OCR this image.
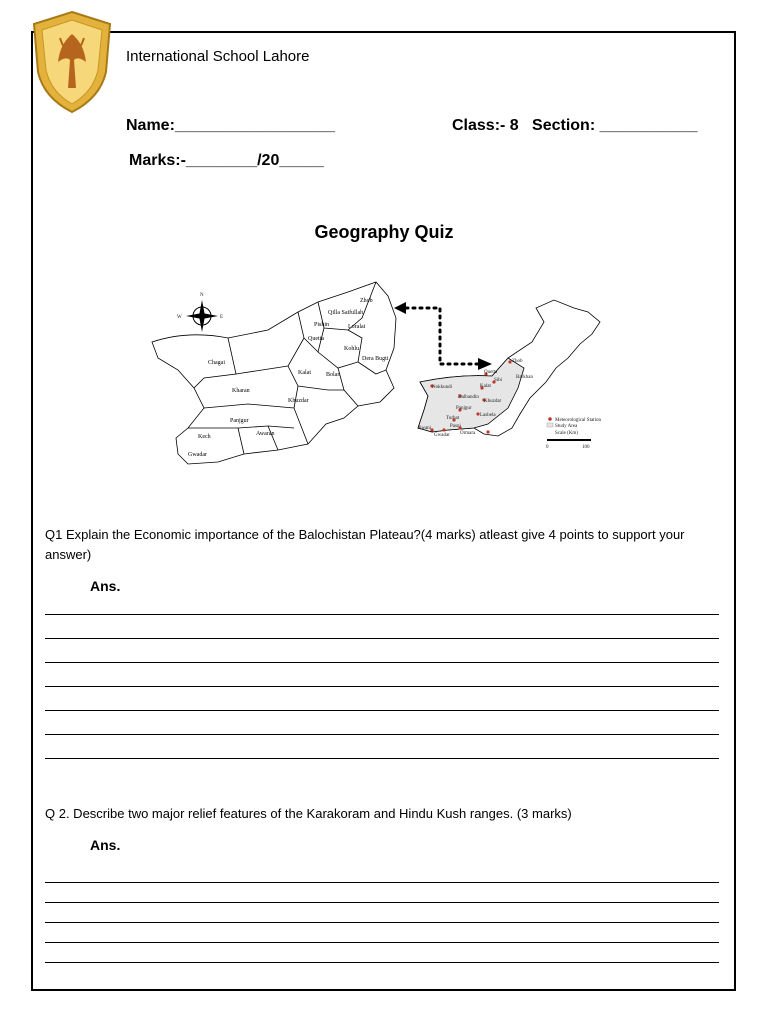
International School Lahore
Name:__________________	Class:- 8   Section: ___________
Marks:-________/20_____
Geography Quiz
N
E
W
Chagai
Kharan
Panjgur
Kech
Gwadar
Awaran
Khuzdar
Zhob
Qilla Saifullah
Loralai
Kohlu
Dera Bugti
Pishin
Quetta
Kalat	Bolan
Zhob
Quetta
Barkhan
Sibi
Kalat
Nokkundi
Dalbandin
Khuzdar
Panjgur
Lasbela
Turbat
Pasni
Jiwani
Gwadar Ormara
Meteorological Station
Study Area
Scale (Km)
0	100
Q1 Explain the Economic importance of the Balochistan Plateau?(4 marks) atleast give 4 points to support your answer)
Ans.
Q 2. Describe two major relief features of the Karakoram and Hindu Kush ranges. (3 marks)
Ans.
